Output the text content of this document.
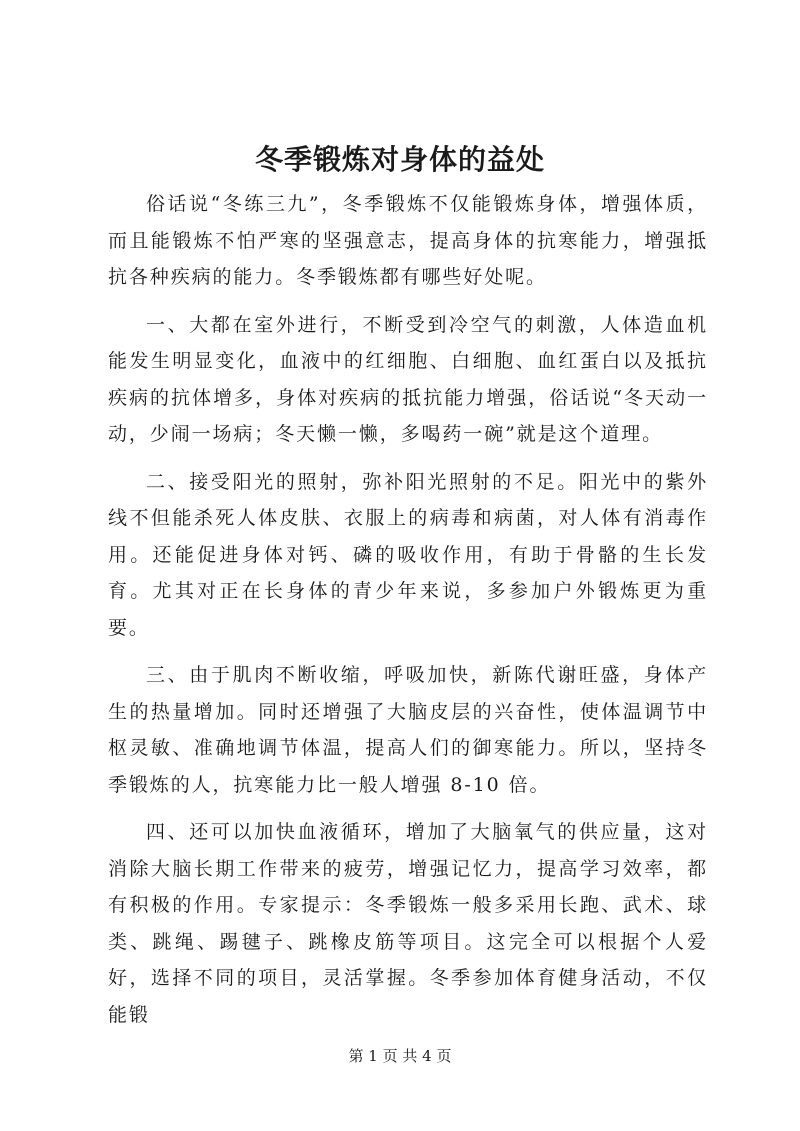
冬季锻炼对身体的益处

俗话说“冬练三九”，冬季锻炼不仅能锻炼身体，增强体质，而且能锻炼不怕严寒的坚强意志，提高身体的抗寒能力，增强抵抗各种疾病的能力。冬季锻炼都有哪些好处呢。

一、大都在室外进行，不断受到冷空气的刺激，人体造血机能发生明显变化，血液中的红细胞、白细胞、血红蛋白以及抵抗疾病的抗体增多，身体对疾病的抵抗能力增强，俗话说“冬天动一动，少闹一场病；冬天懒一懒，多喝药一碗”就是这个道理。

二、接受阳光的照射，弥补阳光照射的不足。阳光中的紫外线不但能杀死人体皮肤、衣服上的病毒和病菌，对人体有消毒作用。还能促进身体对钙、磷的吸收作用，有助于骨骼的生长发育。尤其对正在长身体的青少年来说，多参加户外锻炼更为重要。

三、由于肌肉不断收缩，呼吸加快，新陈代谢旺盛，身体产生的热量增加。同时还增强了大脑皮层的兴奋性，使体温调节中枢灵敏、准确地调节体温，提高人们的御寒能力。所以，坚持冬季锻炼的人，抗寒能力比一般人增强 8-10 倍。

四、还可以加快血液循环，增加了大脑氧气的供应量，这对消除大脑长期工作带来的疲劳，增强记忆力，提高学习效率，都有积极的作用。专家提示：冬季锻炼一般多采用长跑、武术、球类、跳绳、踢毽子、跳橡皮筋等项目。这完全可以根据个人爱好，选择不同的项目，灵活掌握。冬季参加体育健身活动，不仅能锻

第 1 页 共 4 页
